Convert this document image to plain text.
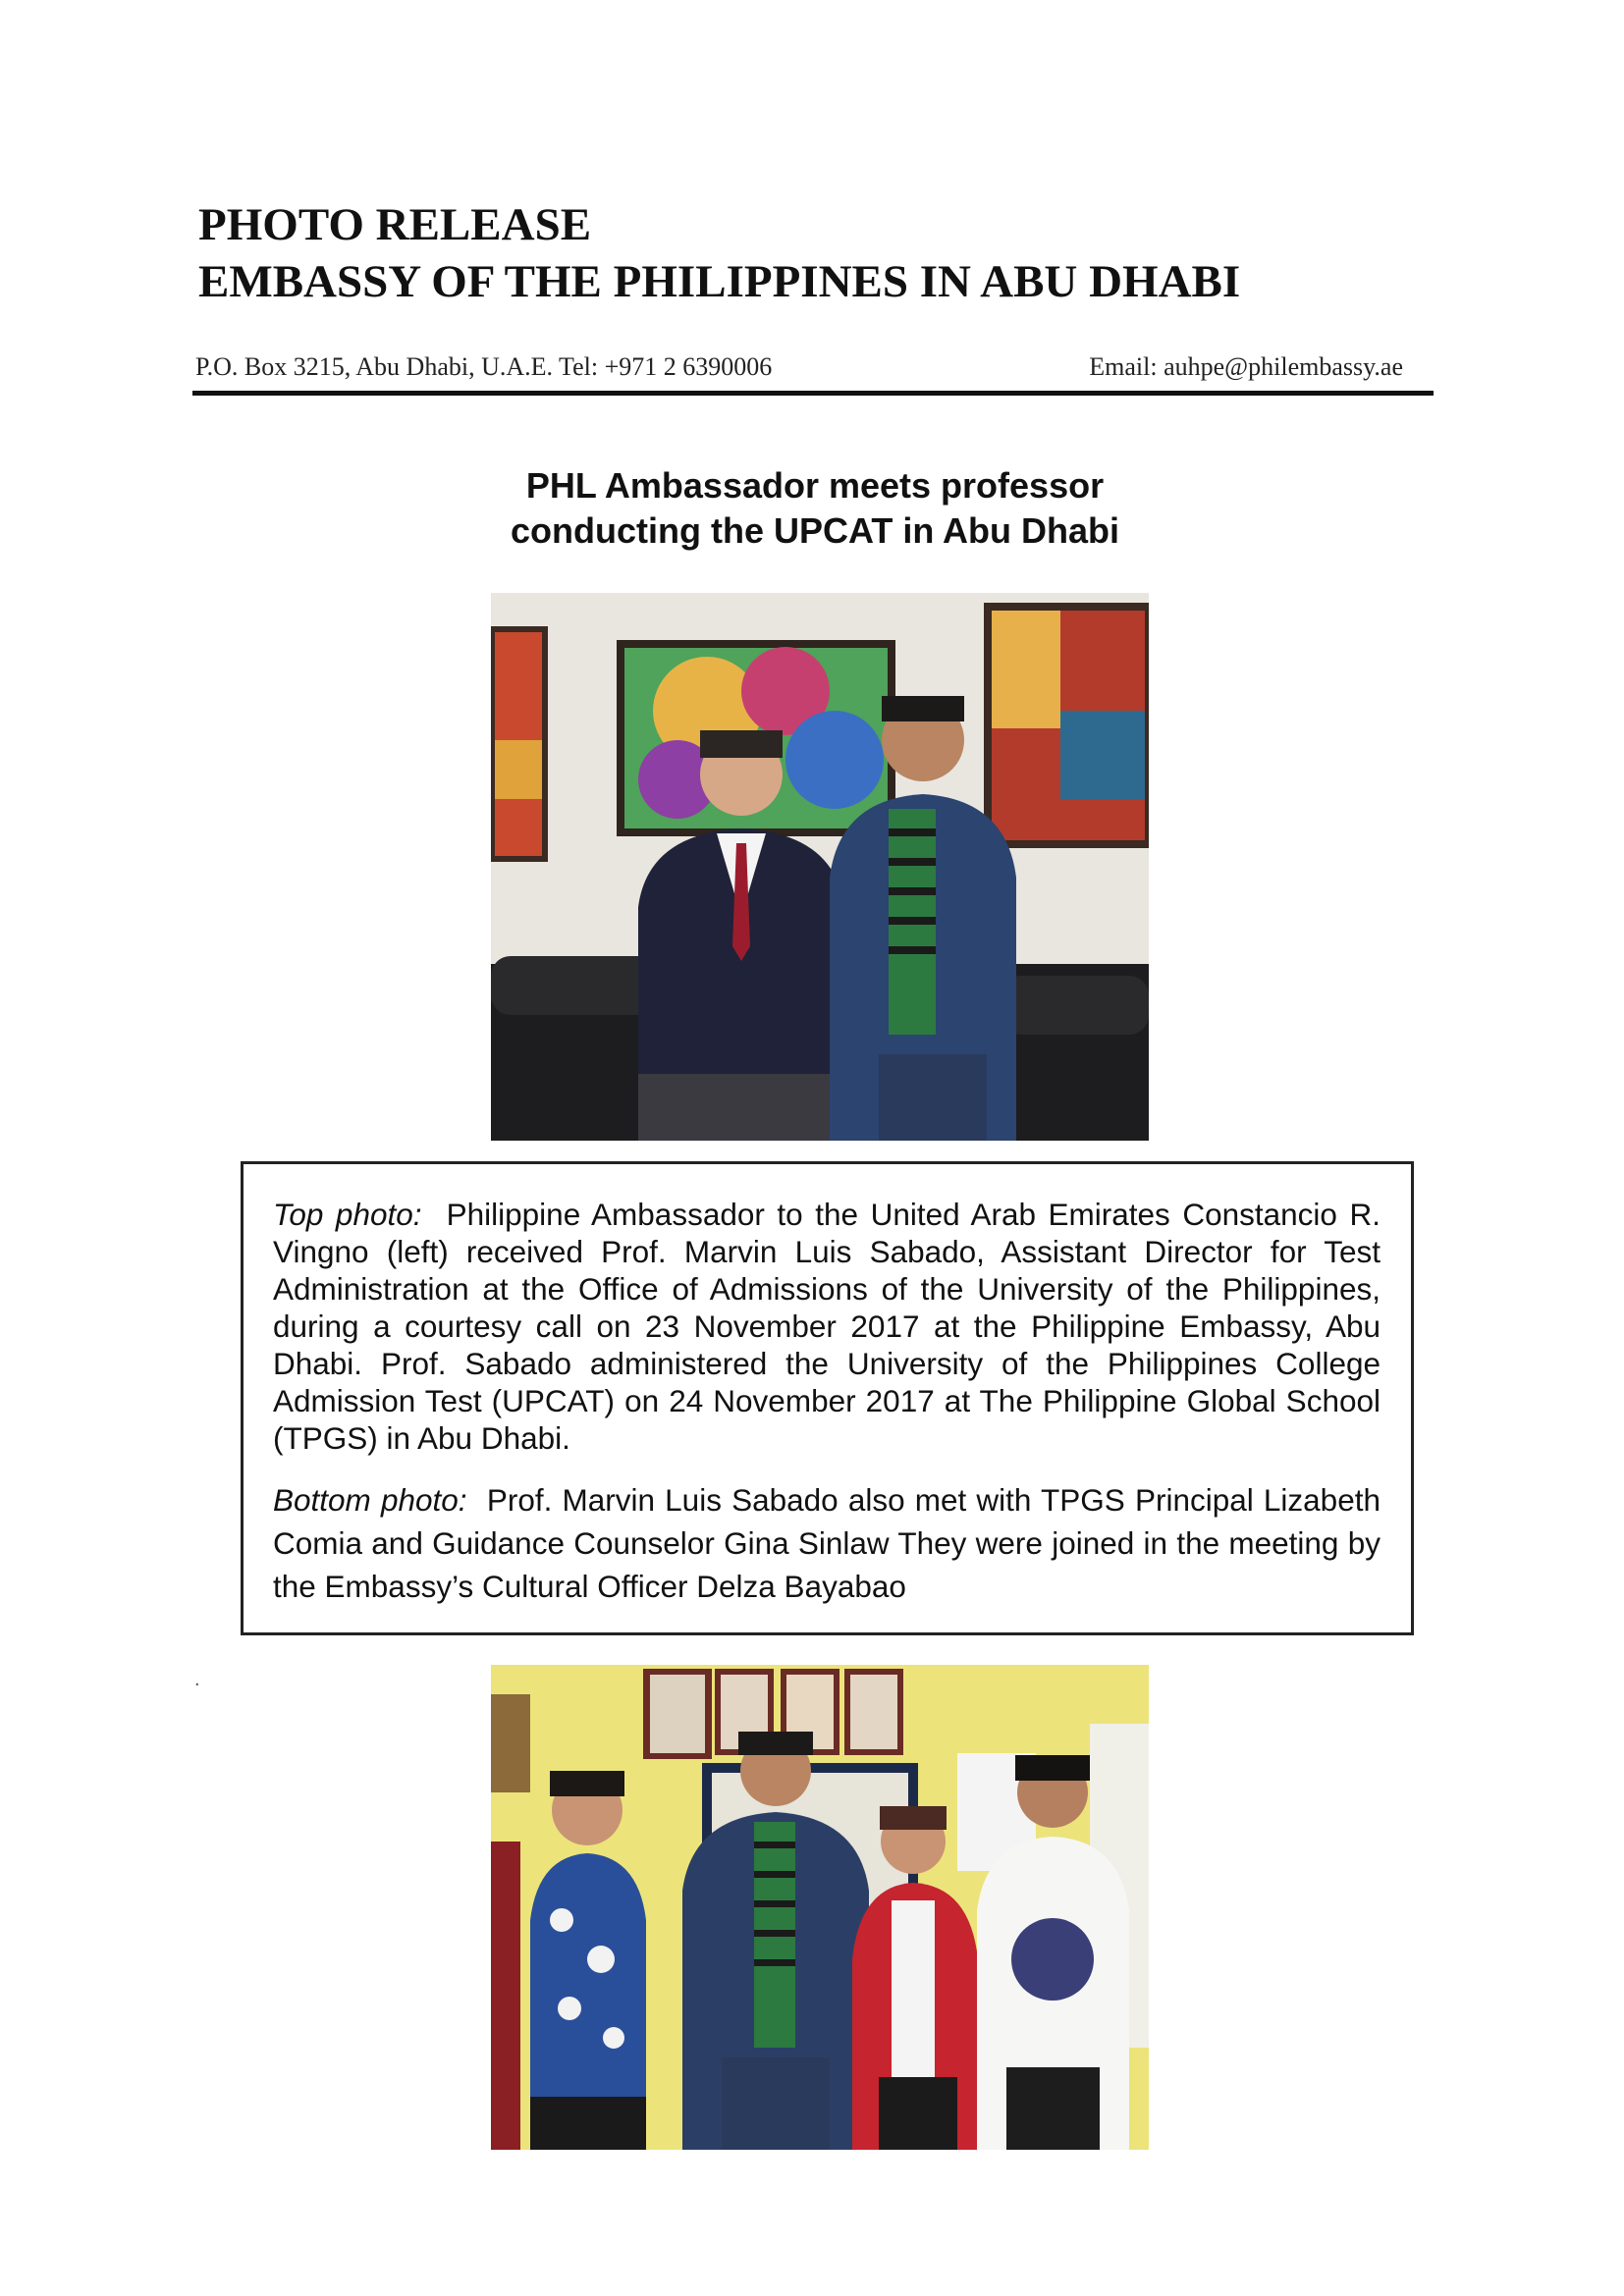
PHOTO RELEASE
EMBASSY OF THE PHILIPPINES IN ABU DHABI
P.O. Box 3215, Abu Dhabi, U.A.E. Tel: +971 2 6390006	Email: auhpe@philembassy.ae
PHL Ambassador meets professor
conducting the UPCAT in Abu Dhabi

Top photo: Philippine Ambassador to the United Arab Emirates Constancio R. Vingno (left) received Prof. Marvin Luis Sabado, Assistant Director for Test Administration at the Office of Admissions of the University of the Philippines, during a courtesy call on 23 November 2017 at the Philippine Embassy, Abu Dhabi. Prof. Sabado administered the University of the Philippines College Admission Test (UPCAT) on 24 November 2017 at The Philippine Global School (TPGS) in Abu Dhabi.

Bottom photo: Prof. Marvin Luis Sabado also met with TPGS Principal Lizabeth Comia and Guidance Counselor Gina Sinlaw They were joined in the meeting by the Embassy’s Cultural Officer Delza Bayabao

.
